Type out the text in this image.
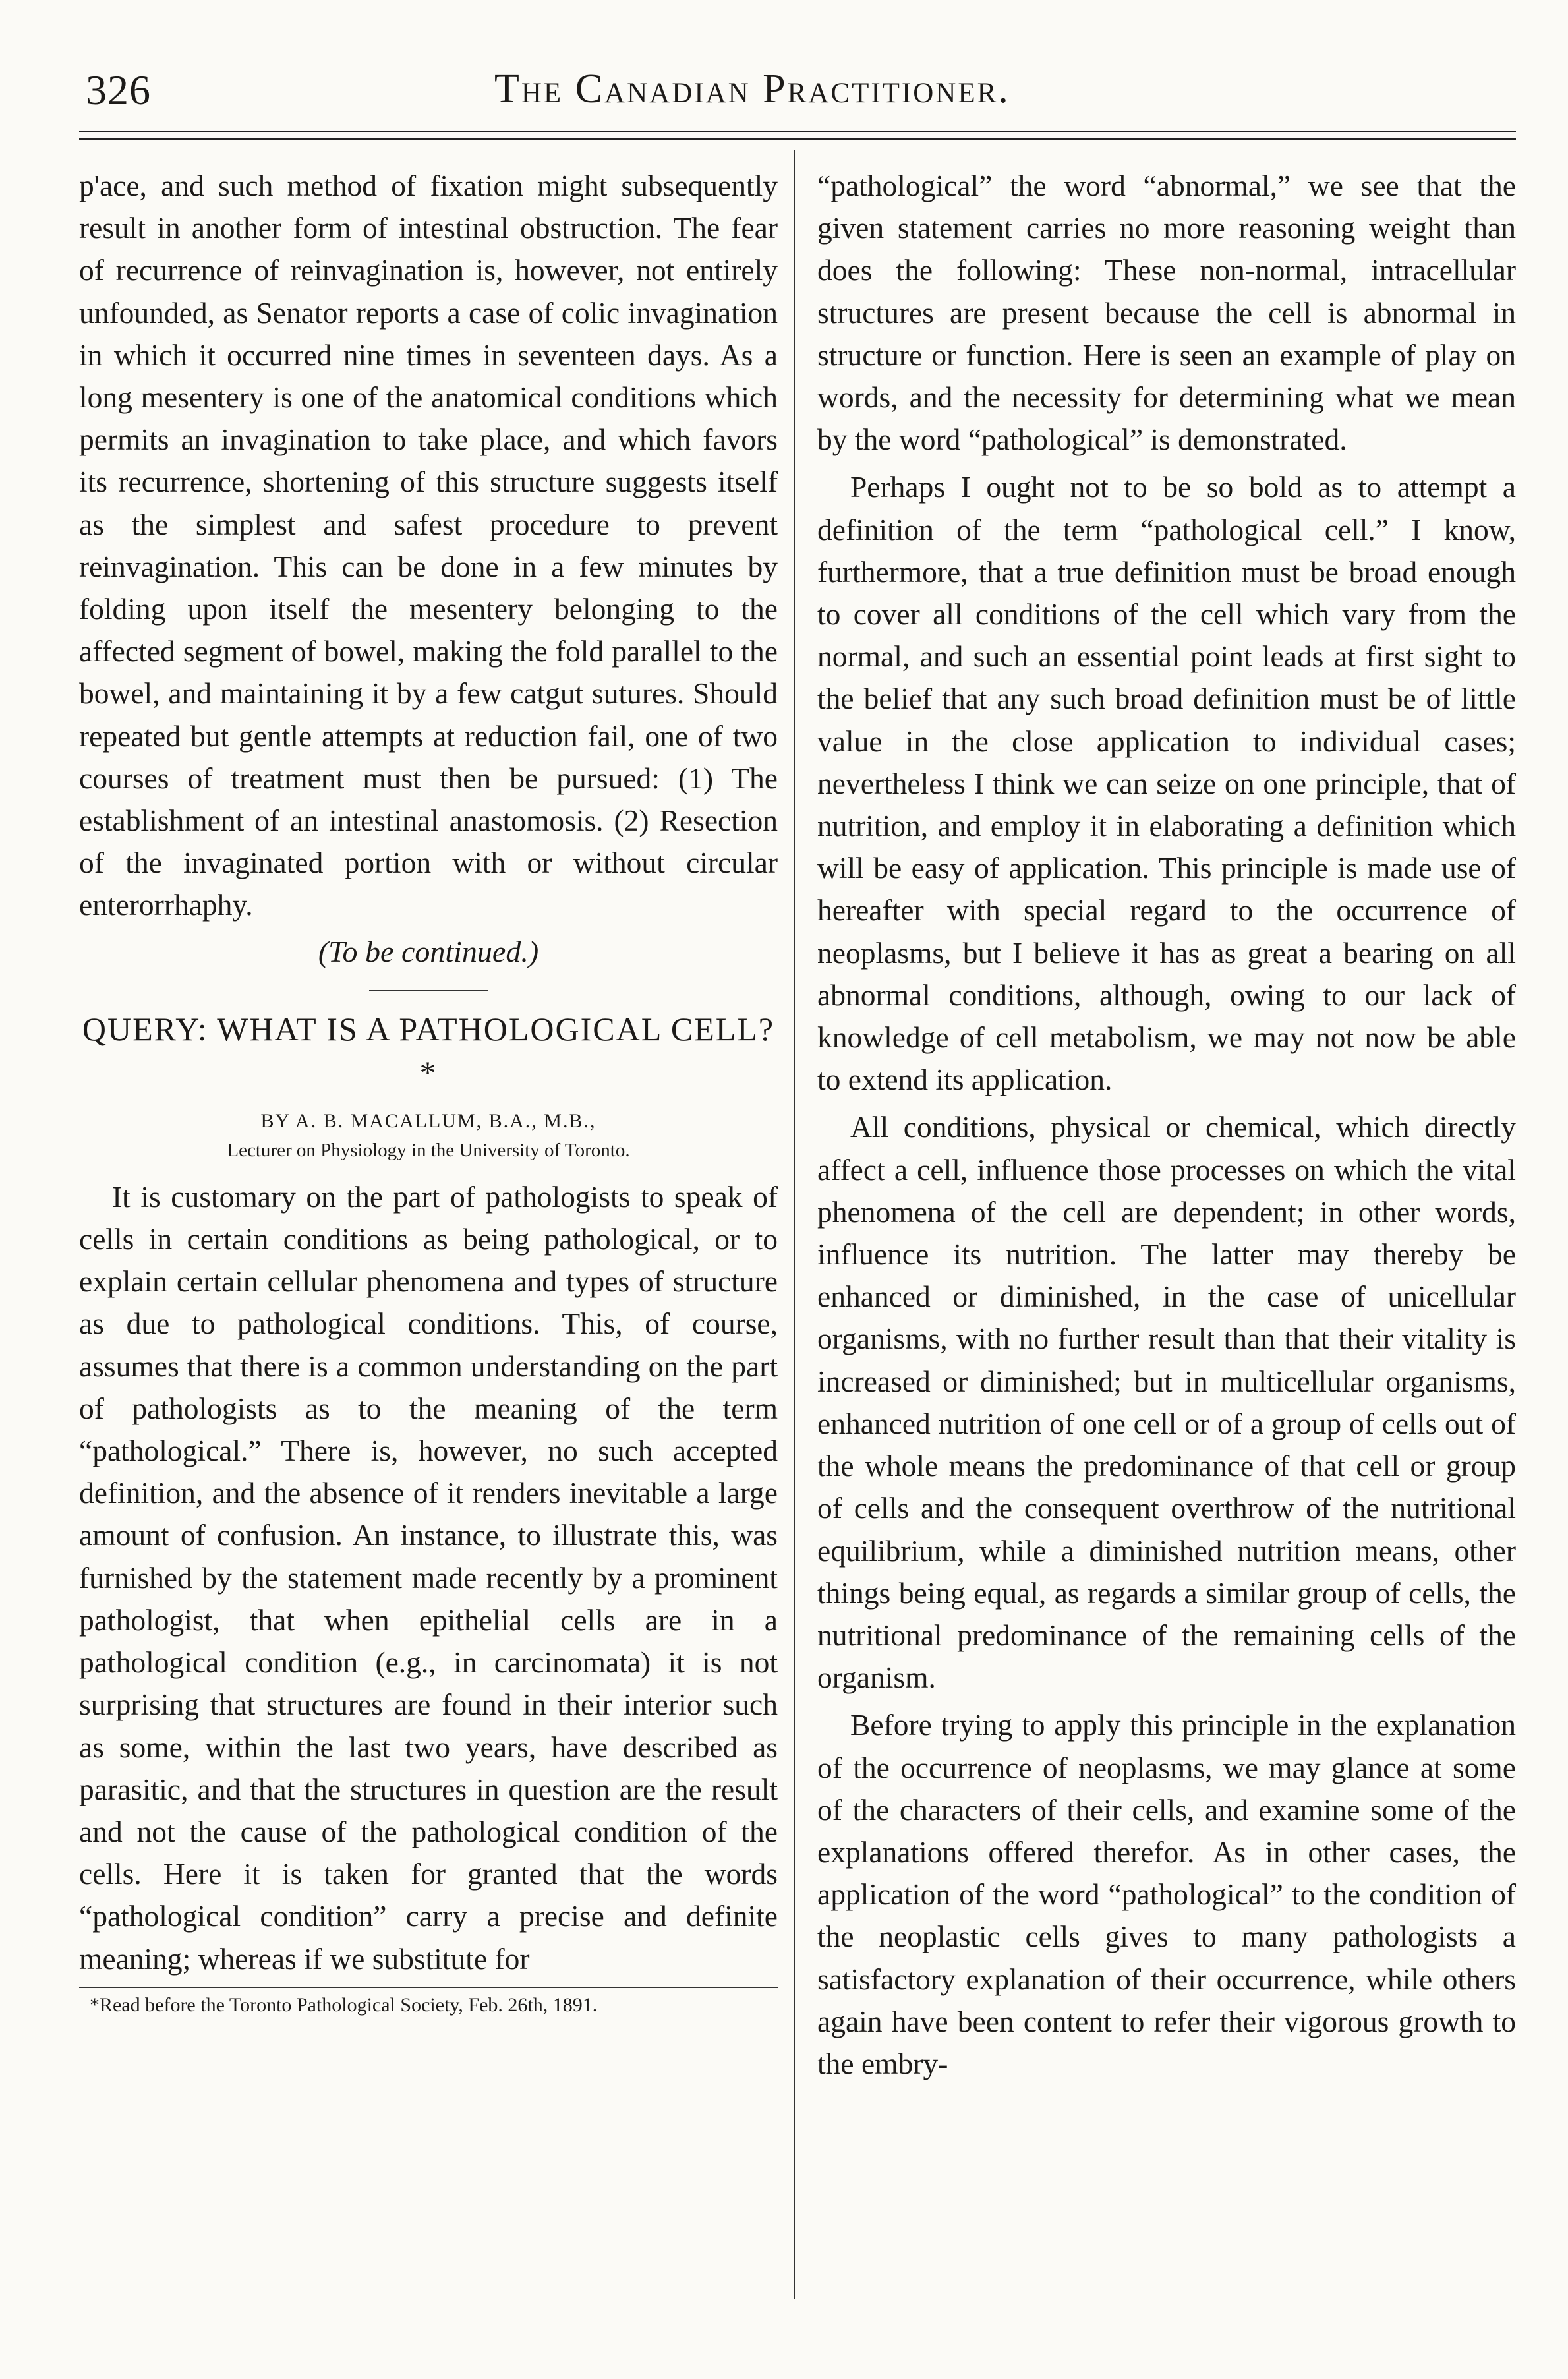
326	The Canadian Practitioner.

p'ace, and such method of fixation might subsequently result in another form of intestinal obstruction. The fear of recurrence of reinvagination is, however, not entirely unfounded, as Senator reports a case of colic invagination in which it occurred nine times in seventeen days. As a long mesentery is one of the anatomical conditions which permits an invagination to take place, and which favors its recurrence, shortening of this structure suggests itself as the simplest and safest procedure to prevent reinvagination. This can be done in a few minutes by folding upon itself the mesentery belonging to the affected segment of bowel, making the fold parallel to the bowel, and maintaining it by a few catgut sutures. Should repeated but gentle attempts at reduction fail, one of two courses of treatment must then be pursued: (1) The establishment of an intestinal anastomosis. (2) Resection of the invaginated portion with or without circular enterorrhaphy.

(To be continued.)

QUERY: WHAT IS A PATHOLOGICAL CELL?*

BY A. B. MACALLUM, B.A., M.B.,

Lecturer on Physiology in the University of Toronto.

It is customary on the part of pathologists to speak of cells in certain conditions as being pathological, or to explain certain cellular phenomena and types of structure as due to pathological conditions. This, of course, assumes that there is a common understanding on the part of pathologists as to the meaning of the term “pathological.” There is, however, no such accepted definition, and the absence of it renders inevitable a large amount of confusion. An instance, to illustrate this, was furnished by the statement made recently by a prominent pathologist, that when epithelial cells are in a pathological condition (e.g., in carcinomata) it is not surprising that structures are found in their interior such as some, within the last two years, have described as parasitic, and that the structures in question are the result and not the cause of the pathological condition of the cells. Here it is taken for granted that the words “pathological condition” carry a precise and definite meaning; whereas if we substitute for

*Read before the Toronto Pathological Society, Feb. 26th, 1891.

“pathological” the word “abnormal,” we see that the given statement carries no more reasoning weight than does the following: These non-normal, intracellular structures are present because the cell is abnormal in structure or function. Here is seen an example of play on words, and the necessity for determining what we mean by the word “pathological” is demonstrated.

Perhaps I ought not to be so bold as to attempt a definition of the term “pathological cell.” I know, furthermore, that a true definition must be broad enough to cover all conditions of the cell which vary from the normal, and such an essential point leads at first sight to the belief that any such broad definition must be of little value in the close application to individual cases; nevertheless I think we can seize on one principle, that of nutrition, and employ it in elaborating a definition which will be easy of application. This principle is made use of hereafter with special regard to the occurrence of neoplasms, but I believe it has as great a bearing on all abnormal conditions, although, owing to our lack of knowledge of cell metabolism, we may not now be able to extend its application.

All conditions, physical or chemical, which directly affect a cell, influence those processes on which the vital phenomena of the cell are dependent; in other words, influence its nutrition. The latter may thereby be enhanced or diminished, in the case of unicellular organisms, with no further result than that their vitality is increased or diminished; but in multicellular organisms, enhanced nutrition of one cell or of a group of cells out of the whole means the predominance of that cell or group of cells and the consequent overthrow of the nutritional equilibrium, while a diminished nutrition means, other things being equal, as regards a similar group of cells, the nutritional predominance of the remaining cells of the organism.

Before trying to apply this principle in the explanation of the occurrence of neoplasms, we may glance at some of the characters of their cells, and examine some of the explanations offered therefor. As in other cases, the application of the word “pathological” to the condition of the neoplastic cells gives to many pathologists a satisfactory explanation of their occurrence, while others again have been content to refer their vigorous growth to the embry-
